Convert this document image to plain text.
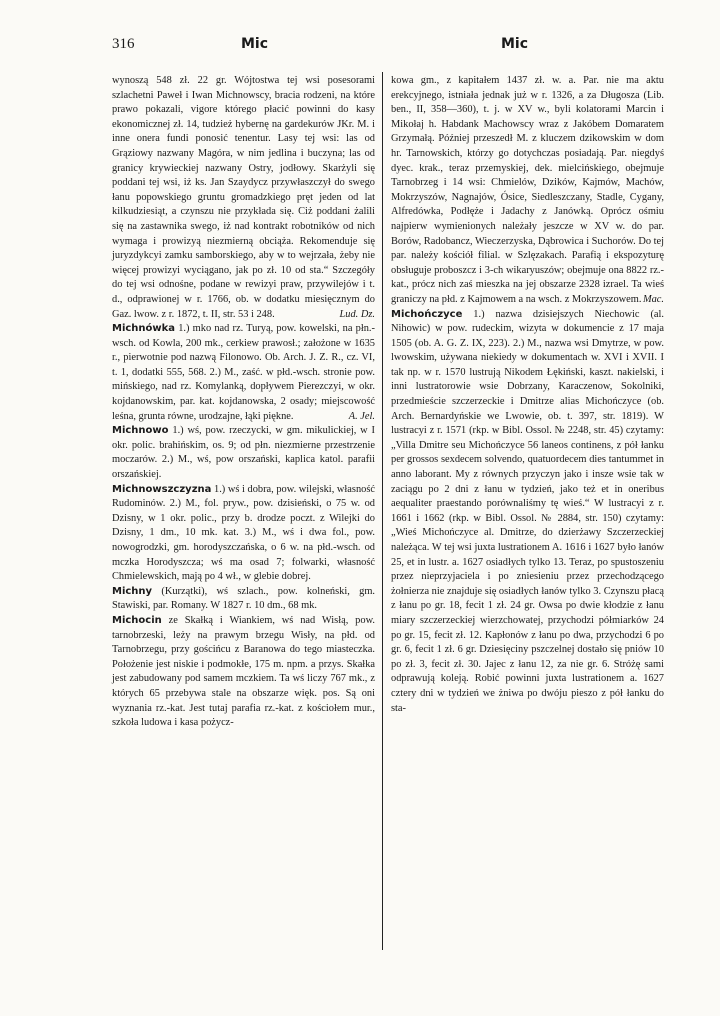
316	Mic	Mic

wynoszą 548 zł. 22 gr. Wójtostwa tej wsi posesorami szlachetni Paweł i Iwan Michnowscy, bracia rodzeni, na które prawo pokazali, vigore którego płacić powinni do kasy ekonomicznej zł. 14, tudzież hybernę na gardekurów JKr. M. i inne onera fundi ponosić tenentur. Lasy tej wsi: las od Grąziowy nazwany Magóra, w nim jedlina i buczyna; las od granicy krywieckiej nazwany Ostry, jodłowy. Skarżyli się poddani tej wsi, iż ks. Jan Szaydycz przywłaszczył do swego łanu popowskiego gruntu gromadzkiego pręt jeden od lat kilkudziesiąt, a czynszu nie przykłada się. Ciż poddani żalili się na zastawnika swego, iż nad kontrakt robotników od nich wymaga i prowizyą niezmierną obciąża. Rekomenduje się juryzdykcyi zamku samborskiego, aby w to wejrzała, żeby nie więcej prowizyi wyciągano, jak po zł. 10 od sta.“ Szczegóły do tej wsi odnośne, podane w rewizyi praw, przywilejów i t. d., odprawionej w r. 1766, ob. w dodatku miesięcznym do Gaz. lwow. z r. 1872, t. II, str. 53 i 248.	Lud. Dz.

Michnówka 1.) mko nad rz. Turyą, pow. kowelski, na płn.-wsch. od Kowla, 200 mk., cerkiew prawosł.; założone w 1635 r., pierwotnie pod nazwą Filonowo. Ob. Arch. J. Z. R., cz. VI, t. 1, dodatki 555, 568. 2.) M., zaść. w płd.-wsch. stronie pow. mińskiego, nad rz. Komylanką, dopływem Pierezczyi, w okr. kojdanowskim, par. kat. kojdanowska, 2 osady; miejscowość leśna, grunta równe, urodzajne, łąki piękne.	A. Jel.

Michnowo 1.) wś, pow. rzeczycki, w gm. mikulickiej, w I okr. polic. brahińskim, os. 9; od płn. niezmierne przestrzenie moczarów. 2.) M., wś, pow orszański, kaplica katol. parafii orszańskiej.

Michnowszczyzna 1.) wś i dobra, pow. wilejski, własność Rudominów. 2.) M., fol. pryw., pow. dzisieński, o 75 w. od Dzisny, w 1 okr. polic., przy b. drodze poczt. z Wilejki do Dzisny, 1 dm., 10 mk. kat. 3.) M., wś i dwa fol., pow. nowogrodzki, gm. horodyszczańska, o 6 w. na płd.-wsch. od mczka Horodyszcza; wś ma osad 7; folwarki, własność Chmielewskich, mają po 4 wł., w glebie dobrej.

Michny (Kurzątki), wś szlach., pow. kolneński, gm. Stawiski, par. Romany. W 1827 r. 10 dm., 68 mk.

Michocin ze Skałką i Wiankiem, wś nad Wisłą, pow. tarnobrzeski, leży na prawym brzegu Wisły, na płd. od Tarnobrzegu, przy gościńcu z Baranowa do tego miasteczka. Położenie jest niskie i podmokłe, 175 m. npm. a przys. Skałka jest zabudowany pod samem mczkiem. Ta wś liczy 767 mk., z których 65 przebywa stale na obszarze więk. pos. Są oni wyznania rz.-kat. Jest tutaj parafia rz.-kat. z kościołem mur., szkoła ludowa i kasa pożycz-

kowa gm., z kapitałem 1437 zł. w. a. Par. nie ma aktu erekcyjnego, istniała jednak już w r. 1326, a za Długosza (Lib. ben., II, 358—360), t. j. w XV w., byli kolatorami Marcin i Mikołaj h. Habdank Machowscy wraz z Jakóbem Domaratem Grzymałą. Później przeszedł M. z kluczem dzikowskim w dom hr. Tarnowskich, którzy go dotychczas posiadają. Par. niegdyś dyec. krak., teraz przemyskiej, dek. mielcińskiego, obejmuje Tarnobrzeg i 14 wsi: Chmielów, Dzików, Kajmów, Machów, Mokrzyszów, Nagnajów, Ósice, Siedleszczany, Stadle, Cygany, Alfredówka, Podłęże i Jadachy z Janówką. Oprócz ośmiu najpierw wymienionych należały jeszcze w XV w. do par. Borów, Radobancz, Wieczerzyska, Dąbrowica i Suchorów. Do tej par. należy kościół filial. w Szlęzakach. Parafią i ekspozyturę obsługuje proboszcz i 3-ch wikaryuszów; obejmuje ona 8822 rz.-kat., prócz nich zaś mieszka na jej obszarze 2328 izrael. Ta wieś graniczy na płd. z Kajmowem a na wsch. z Mokrzyszowem. Mac.

Michończyce 1.) nazwa dzisiejszych Niechowic (al. Nihowic) w pow. rudeckim, wizyta w dokumencie z 17 maja 1505 (ob. A. G. Z. IX, 223). 2.) M., nazwa wsi Dmytrze, w pow. lwowskim, używana niekiedy w dokumentach w. XVI i XVII. I tak np. w r. 1570 lustrują Nikodem Łękiński, kaszt. nakielski, i inni lustratorowie wsie Dobrzany, Karaczenow, Sokolniki, przedmieście szczerzeckie i Dmitrze alias Michończyce (ob. Arch. Bernardyńskie we Lwowie, ob. t. 397, str. 1819). W lustracyi z r. 1571 (rkp. w Bibl. Ossol. № 2248, str. 45) czytamy: „Villa Dmitre seu Michończyce 56 laneos continens, z pół łanku per grossos sexdecem solvendo, quatuordecem dies tantummet in anno laborant. My z równych przyczyn jako i insze wsie tak w zaciągu po 2 dni z łanu w tydzień, jako też et in oneribus aequaliter praestando porównaliśmy tę wieś.“ W lustracyi z r. 1661 i 1662 (rkp. w Bibl. Ossol. № 2884, str. 150) czytamy: „Wieś Michończyce al. Dmitrze, do dzierżawy Szczerzeckiej należąca. W tej wsi juxta lustrationem A. 1616 i 1627 było łanów 25, et in lustr. a. 1627 osiadłych tylko 13. Teraz, po spustoszeniu przez nieprzyjaciela i po zniesieniu przez przechodzącego żołnierza nie znajduje się osiadłych łanów tylko 3. Czynszu płacą z łanu po gr. 18, fecit 1 zł. 24 gr. Owsa po dwie kłodzie z łanu miary szczerzeckiej wierzchowatej, przychodzi półmiarków 24 po gr. 15, fecit zł. 12. Kapłonów z łanu po dwa, przychodzi 6 po gr. 6, fecit 1 zł. 6 gr. Dziesięciny pszczelnej dostało się pniów 10 po zł. 3, fecit zł. 30. Jajec z łanu 12, za nie gr. 6. Stróżę sami odprawują koleją. Robić powinni juxta lustrationem a. 1627 cztery dni w tydzień we żniwa po dwóju pieszo z pół łanku do sta-
